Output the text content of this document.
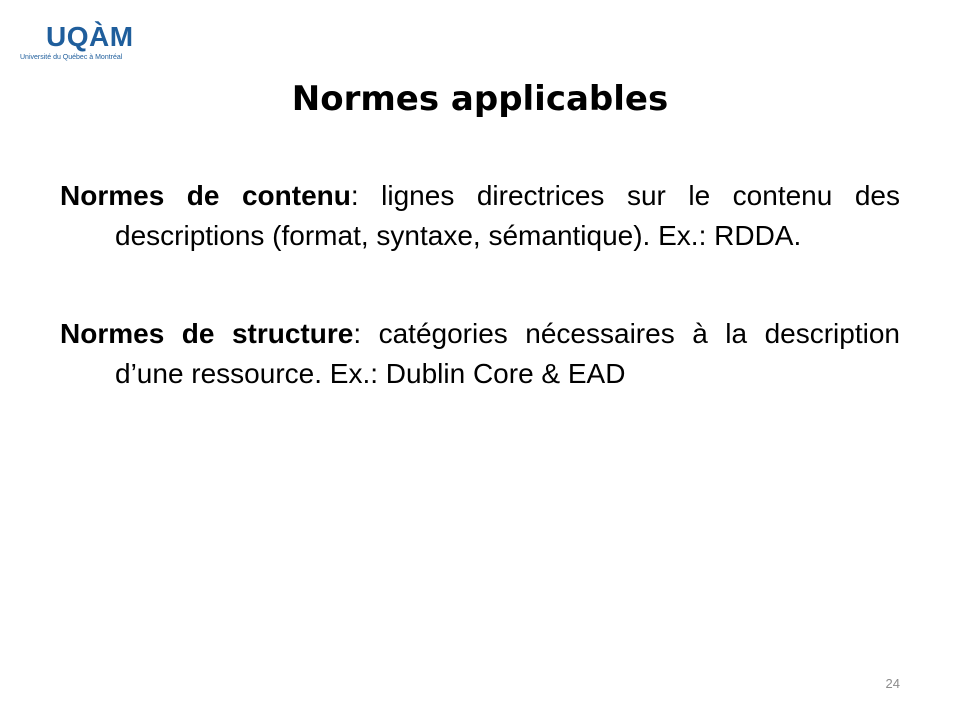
UQÀM
Université du Québec à Montréal
Normes applicables

Normes de contenu: lignes directrices sur le contenu des descriptions (format, syntaxe, sémantique). Ex.: RDDA.

Normes de structure: catégories nécessaires à la description d’une ressource. Ex.: Dublin Core & EAD

24
